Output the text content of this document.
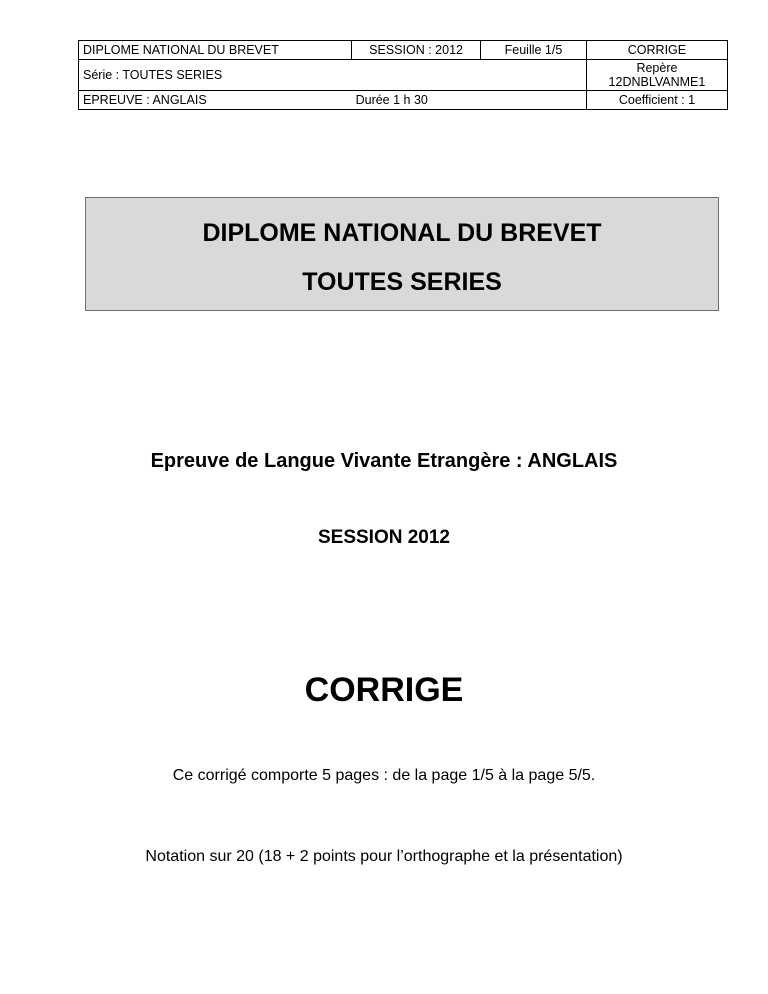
DIPLOME NATIONAL DU BREVET	SESSION : 2012	Feuille 1/5	CORRIGE
Série : TOUTES SERIES			Repère
12DNBLVANME1

EPREUVE : ANGLAIS	Durée 1 h 30		Coefficient : 1
DIPLOME NATIONAL DU BREVET
TOUTES SERIES
Epreuve de Langue Vivante Etrangère : ANGLAIS
SESSION 2012
CORRIGE
Ce corrigé comporte 5 pages : de la page 1/5 à la page 5/5.
Notation sur 20 (18 + 2 points pour l’orthographe et la présentation)
